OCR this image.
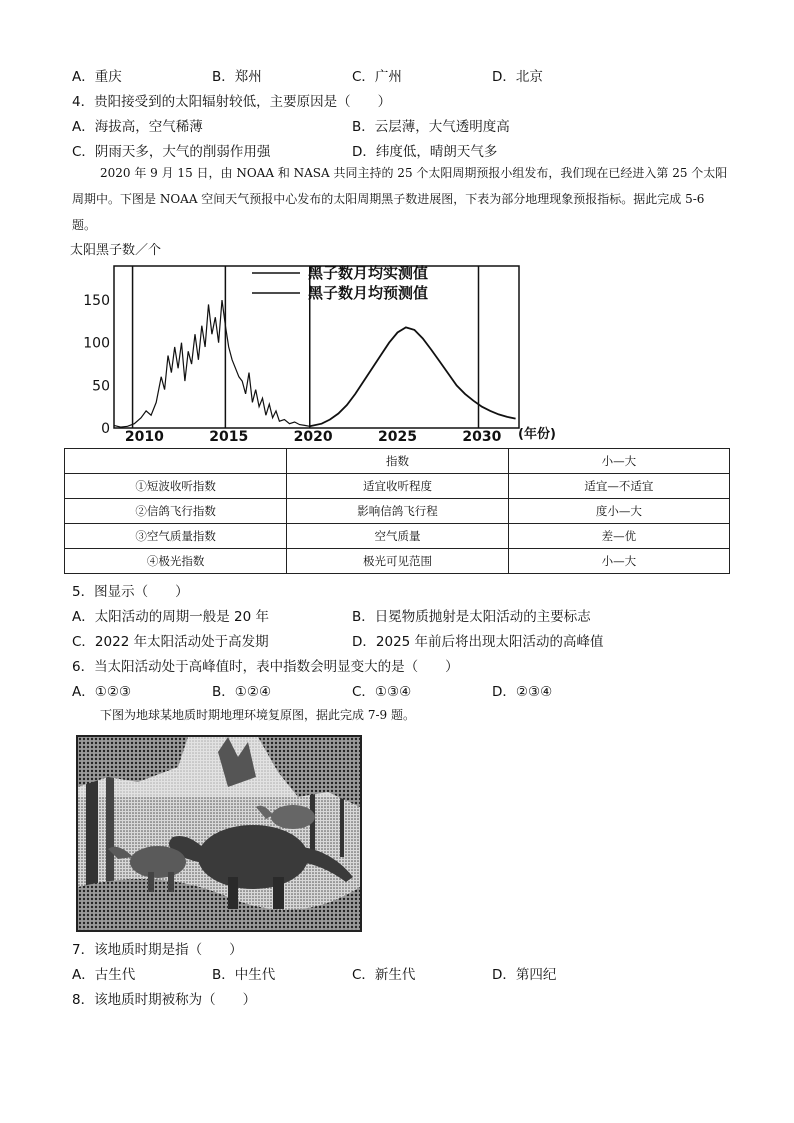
A．重庆	B．郑州	C．广州	D．北京
4．贵阳接受到的太阳辐射较低，主要原因是（　　）
A．海拔高，空气稀薄	B．云层薄，大气透明度高
C．阴雨天多，大气的削弱作用强	D．纬度低，晴朗天气多
2020 年 9 月 15 日，由 NOAA 和 NASA 共同主持的 25 个太阳周期预报小组发布，我们现在已经进入第 25 个太阳周期中。下图是 NOAA 空间天气预报中心发布的太阳周期黑子数进展图，下表为部分地理现象预报指标。据此完成 5-6 题。
太阳黑子数／个
0
50
100
150
2010	2015	2020	2025	2030 (年份)
黑子数月均实测值
黑子数月均预测值
	指数	小—大
①短波收听指数	适宜收听程度	适宜—不适宜
②信鸽飞行指数	影响信鸽飞行程	度小—大
③空气质量指数	空气质量	差—优
④极光指数	极光可见范围	小—大
5．图显示（　　）
A．太阳活动的周期一般是 20 年	B．日冕物质抛射是太阳活动的主要标志
C．2022 年太阳活动处于高发期	D．2025 年前后将出现太阳活动的高峰值
6．当太阳活动处于高峰值时，表中指数会明显变大的是（　　）
A．①②③	B．①②④	C．①③④	D．②③④
下图为地球某地质时期地理环境复原图，据此完成 7-9 题。
7．该地质时期是指（　　）
A．古生代	B．中生代	C．新生代	D．第四纪
8．该地质时期被称为（　　）
